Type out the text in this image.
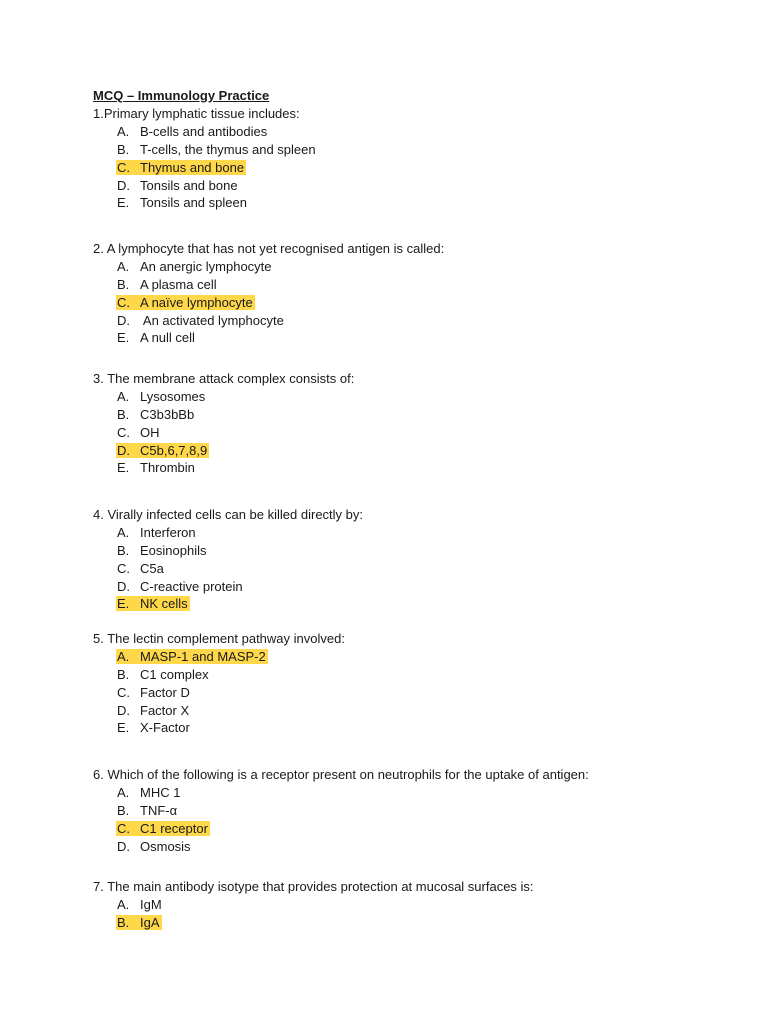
MCQ – Immunology Practice
1.Primary lymphatic tissue includes:
A. B-cells and antibodies
B. T-cells, the thymus and spleen
C. Thymus and bone
D. Tonsils and bone
E. Tonsils and spleen
2. A lymphocyte that has not yet recognised antigen is called:
A. An anergic lymphocyte
B. A plasma cell
C. A naïve lymphocyte
D. An activated lymphocyte
E. A null cell
3. The membrane attack complex consists of:
A. Lysosomes
B. C3b3bBb
C. OH
D. C5b,6,7,8,9
E. Thrombin
4. Virally infected cells can be killed directly by:
A. Interferon
B. Eosinophils
C. C5a
D. C-reactive protein
E. NK cells
5. The lectin complement pathway involved:
A. MASP-1 and MASP-2
B. C1 complex
C. Factor D
D. Factor X
E. X-Factor
6. Which of the following is a receptor present on neutrophils for the uptake of antigen:
A. MHC 1
B. TNF-α
C. C1 receptor
D. Osmosis
7. The main antibody isotype that provides protection at mucosal surfaces is:
A. IgM
B. IgA
